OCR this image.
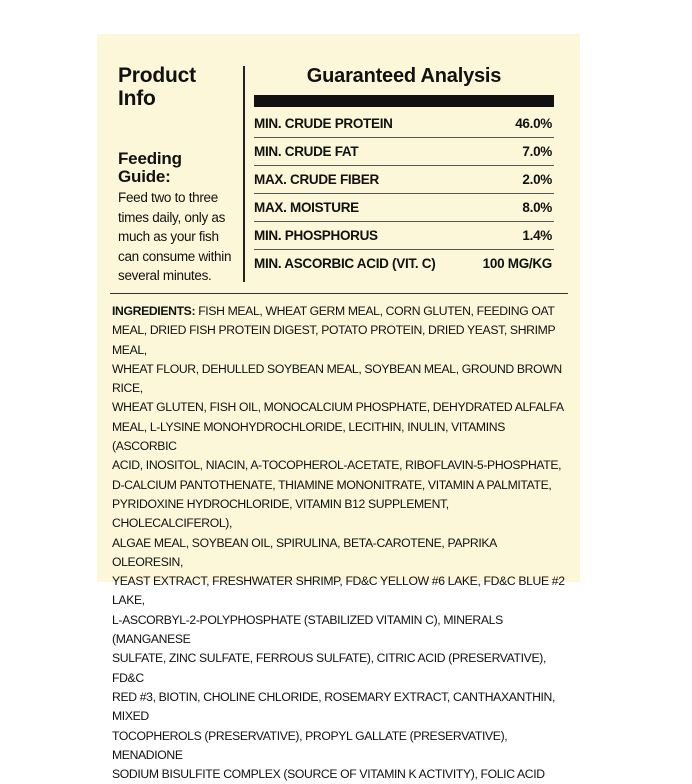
Product
Info
Feeding
Guide:
Feed two to three
times daily, only as
much as your fish
can consume within
several minutes.
Guaranteed Analysis
MIN. CRUDE PROTEIN	46.0%
MIN. CRUDE FAT	7.0%
MAX. CRUDE FIBER	2.0%
MAX. MOISTURE	8.0%
MIN. PHOSPHORUS	1.4%
MIN. ASCORBIC ACID (VIT. C)	100 MG/KG
INGREDIENTS: FISH MEAL, WHEAT GERM MEAL, CORN GLUTEN, FEEDING OAT
MEAL, DRIED FISH PROTEIN DIGEST, POTATO PROTEIN, DRIED YEAST, SHRIMP MEAL,
WHEAT FLOUR, DEHULLED SOYBEAN MEAL, SOYBEAN MEAL, GROUND BROWN RICE,
WHEAT GLUTEN, FISH OIL, MONOCALCIUM PHOSPHATE, DEHYDRATED ALFALFA
MEAL, L-LYSINE MONOHYDROCHLORIDE, LECITHIN, INULIN, VITAMINS (ASCORBIC
ACID, INOSITOL, NIACIN, A-TOCOPHEROL-ACETATE, RIBOFLAVIN-5-PHOSPHATE,
D-CALCIUM PANTOTHENATE, THIAMINE MONONITRATE, VITAMIN A PALMITATE,
PYRIDOXINE HYDROCHLORIDE, VITAMIN B12 SUPPLEMENT, CHOLECALCIFEROL),
ALGAE MEAL, SOYBEAN OIL, SPIRULINA, BETA-CAROTENE, PAPRIKA OLEORESIN,
YEAST EXTRACT, FRESHWATER SHRIMP, FD&C YELLOW #6 LAKE, FD&C BLUE #2 LAKE,
L-ASCORBYL-2-POLYPHOSPHATE (STABILIZED VITAMIN C), MINERALS (MANGANESE
SULFATE, ZINC SULFATE, FERROUS SULFATE), CITRIC ACID (PRESERVATIVE), FD&C
RED #3, BIOTIN, CHOLINE CHLORIDE, ROSEMARY EXTRACT, CANTHAXANTHIN, MIXED
TOCOPHEROLS (PRESERVATIVE), PROPYL GALLATE (PRESERVATIVE), MENADIONE
SODIUM BISULFITE COMPLEX (SOURCE OF VITAMIN K ACTIVITY), FOLIC ACID
